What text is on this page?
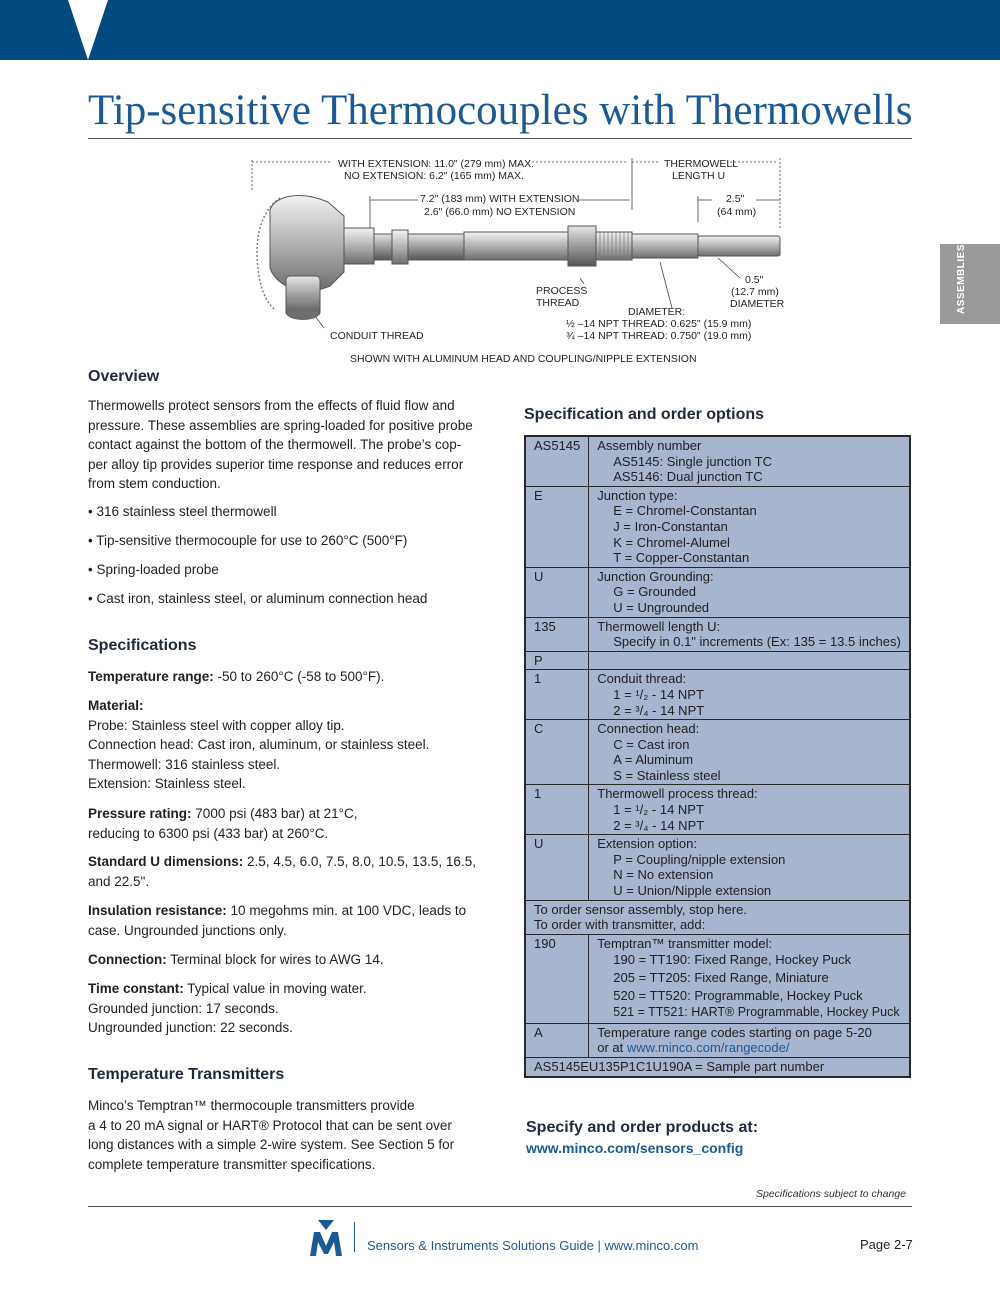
Tip-sensitive Thermocouples with Thermowells
ASSEMBLIES
WITH EXTENSION: 11.0" (279 mm) MAX.
NO EXTENSION: 6.2" (165 mm) MAX.
THERMOWELL
LENGTH U
7.2" (183 mm) WITH EXTENSION
2.6" (66.0 mm) NO EXTENSION
2.5"
(64 mm)
0.5"
(12.7 mm)
DIAMETER
PROCESS
THREAD
DIAMETER:
½ –14 NPT THREAD: 0.625" (15.9 mm)
¾ –14 NPT THREAD: 0.750" (19.0 mm)
CONDUIT THREAD
SHOWN WITH ALUMINUM HEAD AND COUPLING/NIPPLE EXTENSION
Overview
Thermowells protect sensors from the effects of fluid flow and
pressure. These assemblies are spring-loaded for positive probe
contact against the bottom of the thermowell. The probe’s cop-
per alloy tip provides superior time response and reduces error
from stem conduction.
• 316 stainless steel thermowell
• Tip-sensitive thermocouple for use to 260°C (500°F)
• Spring-loaded probe
• Cast iron, stainless steel, or aluminum connection head
Specifications
Temperature range: -50 to 260°C (-58 to 500°F).
Material:
Probe: Stainless steel with copper alloy tip.
Connection head: Cast iron, aluminum, or stainless steel.
Thermowell: 316 stainless steel.
Extension: Stainless steel.
Pressure rating: 7000 psi (483 bar) at 21°C,
reducing to 6300 psi (433 bar) at 260°C.
Standard U dimensions: 2.5, 4.5, 6.0, 7.5, 8.0, 10.5, 13.5, 16.5,
and 22.5".
Insulation resistance: 10 megohms min. at 100 VDC, leads to
case. Ungrounded junctions only.
Connection: Terminal block for wires to AWG 14.
Time constant: Typical value in moving water.
Grounded junction: 17 seconds.
Ungrounded junction: 22 seconds.
Temperature Transmitters
Minco’s Temptran™ thermocouple transmitters provide
a 4 to 20 mA signal or HART® Protocol that can be sent over
long distances with a simple 2-wire system. See Section 5 for
complete temperature transmitter specifications.
Specification and order options
AS5145	Assembly number
AS5145: Single junction TC
AS5146: Dual junction TC

E	Junction type:
E = Chromel-Constantan
J = Iron-Constantan
K = Chromel-Alumel
T = Copper-Constantan

U	Junction Grounding:
G = Grounded
U = Ungrounded

135	Thermowell length U:
Specify in 0.1" increments (Ex: 135 = 13.5 inches)

P	
1	Conduit thread:
1 = ¹/₂ - 14 NPT
2 = ³/₄ - 14 NPT

C	Connection head:
C = Cast iron
A = Aluminum
S = Stainless steel

1	Thermowell process thread:
1 = ¹/₂ - 14 NPT
2 = ³/₄ - 14 NPT

U	Extension option:
P = Coupling/nipple extension
N = No extension
U = Union/Nipple extension

To order sensor assembly, stop here.
To order with transmitter, add:	

190	Temptran™ transmitter model:
190 = TT190: Fixed Range, Hockey Puck
205 = TT205: Fixed Range, Miniature
520 = TT520: Programmable, Hockey Puck
521 = TT521: HART® Programmable, Hockey Puck

A	Temperature range codes starting on page 5-20
or at www.minco.com/rangecode/

AS5145EU135P1C1U190A = Sample part number	
Specify and order products at:
www.minco.com/sensors_config
Specifications subject to change
Sensors & Instruments Solutions Guide | www.minco.com	Page 2-7
